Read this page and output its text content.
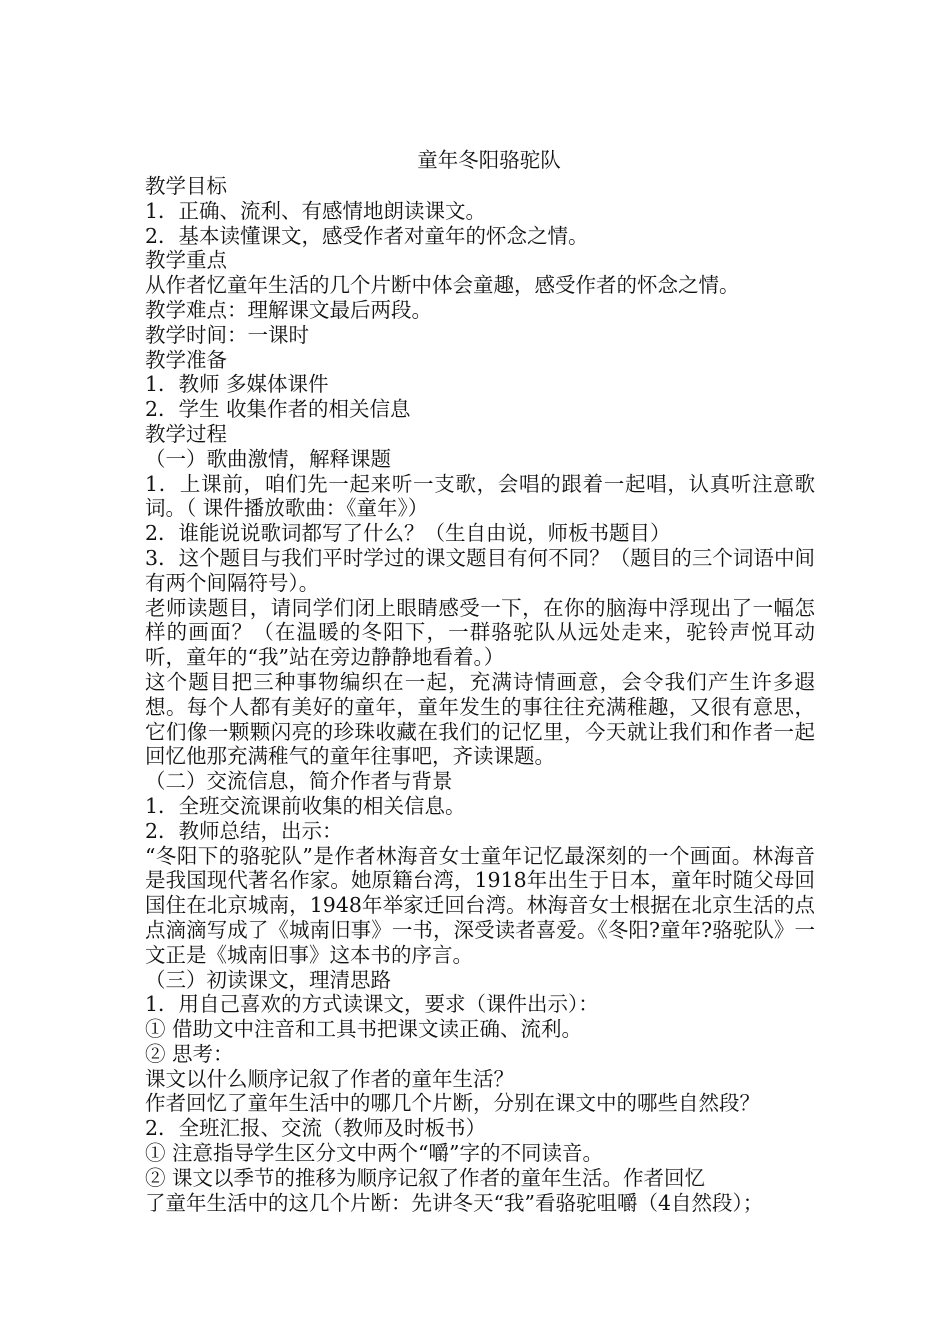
童年冬阳骆驼队

教学目标

1．正确、流利、有感情地朗读课文。

2．基本读懂课文，感受作者对童年的怀念之情。

教学重点

从作者忆童年生活的几个片断中体会童趣，感受作者的怀念之情。

教学难点：理解课文最后两段。

教学时间：一课时

教学准备

1．教师 多媒体课件

2．学生 收集作者的相关信息

教学过程

（一）歌曲激情，解释课题

1．上课前，咱们先一起来听一支歌，会唱的跟着一起唱，认真听注意歌词。（ 课件播放歌曲：《童年》）

2．谁能说说歌词都写了什么？（生自由说，师板书题目）

3．这个题目与我们平时学过的课文题目有何不同？（题目的三个词语中间有两个间隔符号）。

老师读题目，请同学们闭上眼睛感受一下，在你的脑海中浮现出了一幅怎样的画面？（在温暖的冬阳下，一群骆驼队从远处走来，驼铃声悦耳动听，童年的“我”站在旁边静静地看着。）

这个题目把三种事物编织在一起，充满诗情画意，会令我们产生许多遐想。每个人都有美好的童年，童年发生的事往往充满稚趣，又很有意思，它们像一颗颗闪亮的珍珠收藏在我们的记忆里，今天就让我们和作者一起回忆他那充满稚气的童年往事吧，齐读课题。

（二）交流信息，简介作者与背景

1．全班交流课前收集的相关信息。

2．教师总结，出示：

“冬阳下的骆驼队”是作者林海音女士童年记忆最深刻的一个画面。林海音是我国现代著名作家。她原籍台湾，1918年出生于日本，童年时随父母回国住在北京城南，1948年举家迁回台湾。林海音女士根据在北京生活的点点滴滴写成了《城南旧事》一书，深受读者喜爱。《冬阳?童年?骆驼队》一文正是《城南旧事》这本书的序言。

（三）初读课文，理清思路

1．用自己喜欢的方式读课文，要求（课件出示）：

① 借助文中注音和工具书把课文读正确、流利。

② 思考：

课文以什么顺序记叙了作者的童年生活？

作者回忆了童年生活中的哪几个片断，分别在课文中的哪些自然段？

2．全班汇报、交流（教师及时板书）

① 注意指导学生区分文中两个“嚼”字的不同读音。

② 课文以季节的推移为顺序记叙了作者的童年生活。作者回忆

了童年生活中的这几个片断：先讲冬天“我”看骆驼咀嚼（4自然段）；
